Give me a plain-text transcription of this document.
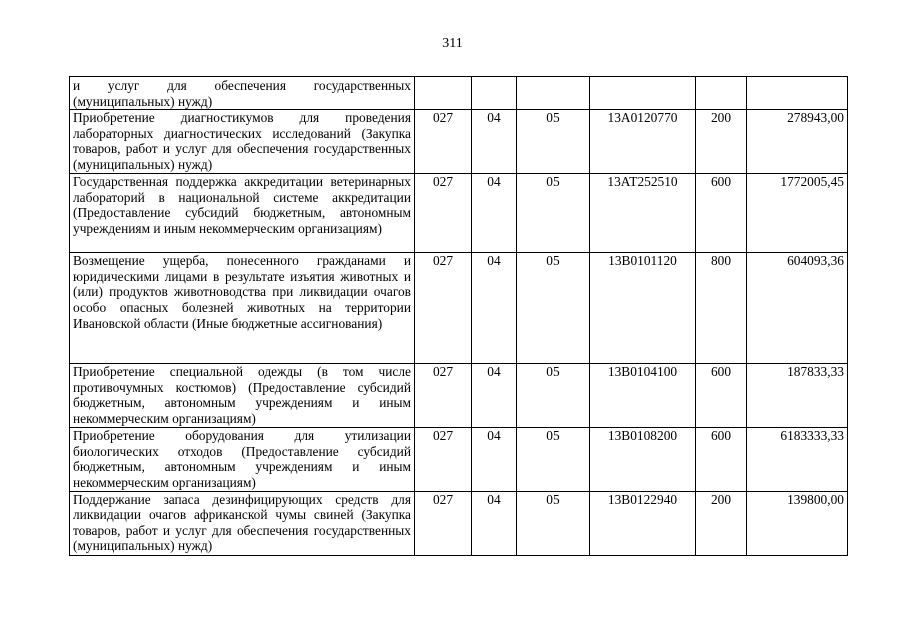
311
и услуг для обеспечения государственных (муниципальных) нужд)						
Приобретение диагностикумов для проведения лабораторных диагностических исследований (Закупка товаров, работ и услуг для обеспечения государственных (муниципальных) нужд)	027	04	05	13А0120770	200	278943,00
Государственная поддержка аккредитации ветеринарных лабораторий в национальной системе аккредитации (Предоставление субсидий бюджетным, автономным учреждениям и иным некоммерческим организациям)	027	04	05	13АТ252510	600	1772005,45
Возмещение ущерба, понесенного гражданами и юридическими лицами в результате изъятия животных и (или) продуктов животноводства при ликвидации очагов особо опасных болезней животных на территории Ивановской области (Иные бюджетные ассигнования)	027	04	05	13В0101120	800	604093,36
Приобретение специальной одежды (в том числе противочумных костюмов) (Предоставление субсидий бюджетным, автономным учреждениям и иным некоммерческим организациям)	027	04	05	13В0104100	600	187833,33
Приобретение оборудования для утилизации биологических отходов (Предоставление субсидий бюджетным, автономным учреждениям и иным некоммерческим организациям)	027	04	05	13В0108200	600	6183333,33
Поддержание запаса дезинфицирующих средств для ликвидации очагов африканской чумы свиней (Закупка товаров, работ и услуг для обеспечения государственных (муниципальных) нужд)	027	04	05	13В0122940	200	139800,00
